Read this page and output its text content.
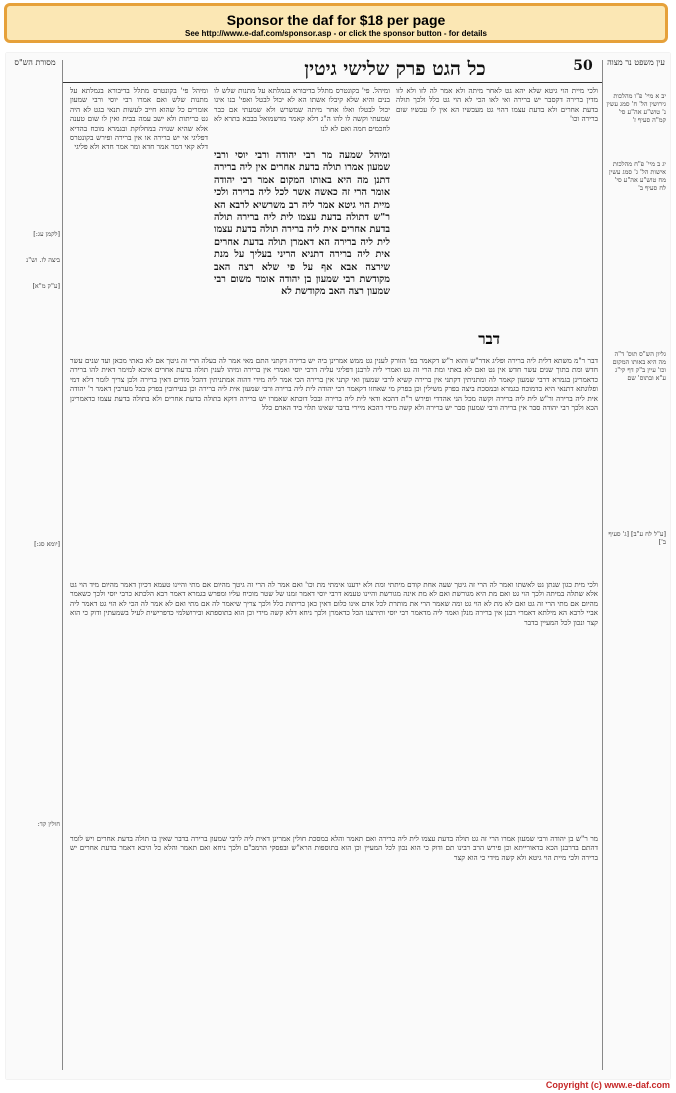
Sponsor the daf for $18 per page
See http://www.e-daf.com/sponsor.asp - or click the sponsor button - for details
מסורת הש"ס	כל הגט פרק שלישי גיטין	50	עין משפט נר מצוה
ומיהל פי' בקונטרס מתלל בדיבורא בגמלתא על מתנות שלש ואם אמרו רבי יוסי ורבי שמעון אומרים כל שהוא חייב לעשות תנאי בגט לא היה גט כריתות ולא ישב עמה בבית ואין לו שום טענה אלא שהיא שנויה במחלוקת ובגמרא מוכח בהדיא דפליגי אי יש ברירה או אין ברירה ופירש בקונטרס דלא קאי דמר אמר חדא ומר אמר חדא ולא פליגי
ומיהל שמעה מר רבי יהודה ורבי יוסי ורבי שמעון אמרו תולה בדעת אחרים אין ליה ברירה דתנן מה היא באותו המקום אמר רבי יהודה אומר הרי זה כאשה אשר לכל ליה ברירה ולכי מיית הוי גיטא אמר ליה רב משרשיא לרבא הא ר"ש דתולה בדעת עצמו לית ליה ברירה תולה בדעת אחרים אית ליה ברירה תולה בדעת עצמו לית ליה ברירה הא דאמרן תולה בדעת אחרים אית ליה ברירה דתניא הריני בעליך על מנת שירצה אבא אף על פי שלא רצה האב מקודשת רבי שמעון בן יהודה אומר משום רבי שמעון רצה האב מקודשת לא
ומיהל. פי' בקונטרס מתלל בדיבורא בגמלתא על מתנות שלש לו בנים והיא שלא קיבלו אשתו הא לא יכול לבטל ואפי' בנו אינו יכול לבטלו ואלו אחר מיתה שמשרש ולא שמעתי אם כבר שמעתי וקשה לו להו ה"ג דלא קאמר מדשמואל בבבא בתרא לא לחכמים חמה ואם לא לנו
ולכי מיית הוי גיטא שלא יהא גט לאחר מיתה ולא אמר לה לזו ולא לזו מדין ברירה דקסבר יש ברירה ואי לאו הכי לא הוי גט כלל ולכך תולה בדעת אחרים ולא בדעת עצמו דהוי גט מעכשיו הא אין לו עכשיו שום ברירה וכו'
דבר
דבר ר"מ משתא דלית ליה ברירה ופליג אדר"ש והוא ר"ש דקאמר בפ' הזורק לענין גט ממש אמרינן ביה יש ברירה דקתני התם מאי אמר לה בעלה הרי זה גיטך אם לא באתי מכאן ועד שנים עשר חדש ומת בתוך שנים עשר חדש אין גט ואם לא באתי ומת הרי זה גט ואמרי ליה לרבנן דפליגי עליה דרבי יוסי ואמרי אין ברירה ומיהו לענין תולה בדעת אחרים איכא למימר דאית להו ברירה כדאמרינן בגמרא דרבי שמעון קאמר לה ומתניתין דקתני אין ברירה קשיא לרבי שמעון ואי קתני אין ברירה הכי אמר ליה מידי דהוה אמתניתין דהכל מודים דאין ברירה ולכן צריך לומר דלא דמי ופלוגתא דתנאי היא כדמוכח בגמרא ובמסכת ביצה בפרק משילין וכן בפרק מי שאחזו דקאמר רבי יהודה לית ליה ברירה ורבי שמעון אית ליה ברירה וכן בעירובין בפרק בכל מערבין דאמר ר' יהודה אית ליה ברירה ור"ש לית ליה ברירה וקשה מכל הני אהדדי ופירש ר"ת דהכא ודאי לית ליה ברירה ובכל דוכתא שאמרו יש ברירה דוקא בתולה בדעת אחרים ולא בתולה בדעת עצמו כדאמרינן הכא ולכך רבי יהודה סבר אין ברירה ורבי שמעון סבר יש ברירה ולא קשה מידי דהכא מיירי בדבר שאינו תלוי ביד האדם כלל
ולכי מית כגון שנתן גט לאשתו ואמר לה הרי זה גיטך שעה אחת קודם מיתתי ומת ולא ידענו אימתי מת וכו' ואם אמר לה הרי זה גיטך מהיום אם מתי והיינו טעמא דכיון דאמר מהיום מיד הוי גט אלא שתלה במיתה ולכך הוי גט ואם מת היא מגורשת ואם לא מת אינה מגורשת והיינו טעמא דרבי יוסי דאמר זמנו של שטר מוכיח עליו ומפרש בגמרא דאמר רבא הלכתא כרבי יוסי ולכך כשאמר מהיום אם מתי הרי זה גט ואם לא מת לא הוי גט ומה שאמר הרי את מותרת לכל אדם אינו כלום דאין כאן כריתות כלל ולכך צריך שיאמר לה אם מתי ואם לא אמר לה הכי לא הוי גט דאמר ליה אביי לרבא הא מילתא דאמרי רבנן אין ברירה מנלן ואמר ליה מדאמר רבי יוסי ותירצנו הכל כדאמרן ולכך ניחא דלא קשה מידי וכן הוא בתוספתא ובירושלמי כדפרישית לעיל בשמעתין ודוק כי הוא קצר ונכון לכל המעיין בדבר
מר ר"ש בן יהודה ורבי שמעון אמרו הרי זה גט תולה בדעת עצמו לית ליה ברירה ואם תאמר והלא במסכת חולין אמרינן דאית ליה לרבי שמעון ברירה בדבר שאין בו תולה בדעת אחרים ויש לומר דהתם בדרבנן הכא בדאורייתא וכן פירש הרב רבינו תם ודוק כי הוא נכון לכל המעיין וכן הוא בתוספות הרא"ש ובפסקי הרמב"ם ולכך ניחא ואם תאמר והלא כל היכא דאמר בדעת אחרים יש ברירה ולכי מיית הוי גיטא ולא קשה מידי כי הוא קצר
יב א מיי' פ"ו מהלכות גירושין הל' ח' סמג עשין נ' טוש"ע אה"ע סי' קמ"ה סעיף ז'
יג ב מיי' פ"ח מהלכות אישות הל' ג' סמג עשין מח טוש"ע אה"ע סי' לח סעיף ב'
גליון הש"ס תוס' ד"ה מה היא באותו המקום וכו' עיין ב"ק דף קי"ג ע"א ובתוס' שם
[ע"ל לח ע"ב] [ג' סעיף ב']
[לקמן עג:]
ביצה לז. וש"נ
[ע"ק מ"א]
[יומא סג:]
חולין קד:
Copyright (c) www.e-daf.com
